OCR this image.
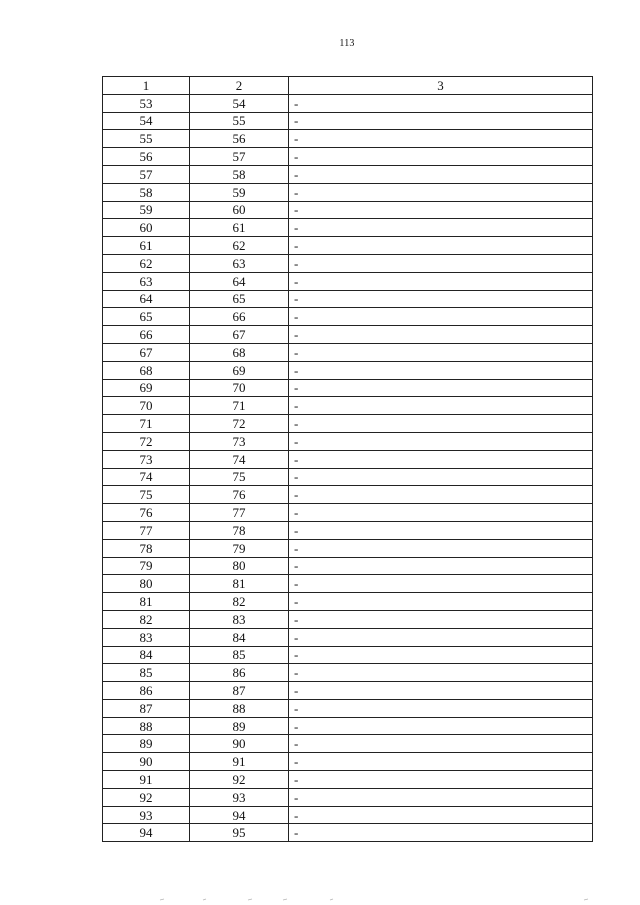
113
1	2	3
53	54	-
54	55	-
55	56	-
56	57	-
57	58	-
58	59	-
59	60	-
60	61	-
61	62	-
62	63	-
63	64	-
64	65	-
65	66	-
66	67	-
67	68	-
68	69	-
69	70	-
70	71	-
71	72	-
72	73	-
73	74	-
74	75	-
75	76	-
76	77	-
77	78	-
78	79	-
79	80	-
80	81	-
81	82	-
82	83	-
83	84	-
84	85	-
85	86	-
86	87	-
87	88	-
88	89	-
89	90	-
90	91	-
91	92	-
92	93	-
93	94	-
94	95	-
